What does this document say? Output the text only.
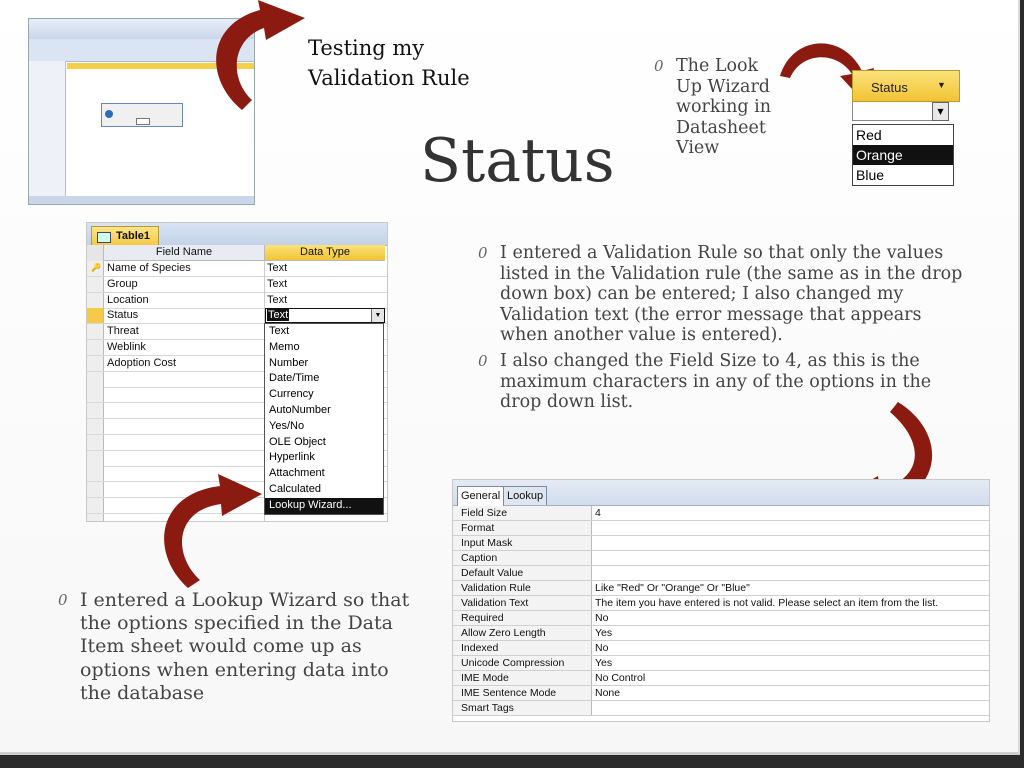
Testing my
Validation Rule
Status
0 The Look
Up Wizard
working in
Datasheet
View
Status	▼
▼
Red
Orange
Blue
Table1
Field Name	Data Type
🔑 Name of Species	Text
Group	Text
Location	Text
Status	Text	▼
Threat
Weblink
Adoption Cost
Text
Memo
Number
Date/Time
Currency
AutoNumber
Yes/No
OLE Object
Hyperlink
Attachment
Calculated
Lookup Wizard...
0 I entered a Validation Rule so that only the values listed in the Validation rule (the same as in the drop down box) can be entered; I also changed my Validation text (the error message that appears when another value is entered).
0 I also changed the Field Size to 4, as this is the maximum characters in any of the options in the drop down list.
General Lookup
Field Size	4
Format	
Input Mask	
Caption	
Default Value	
Validation Rule	Like "Red" Or "Orange" Or "Blue"
Validation Text	The item you have entered is not valid. Please select an item from the list.
Required	No
Allow Zero Length	Yes
Indexed	No
Unicode Compression	Yes
IME Mode	No Control
IME Sentence Mode	None
Smart Tags	
0 I entered a Lookup Wizard so that the options specified in the Data Item sheet would come up as options when entering data into the database
